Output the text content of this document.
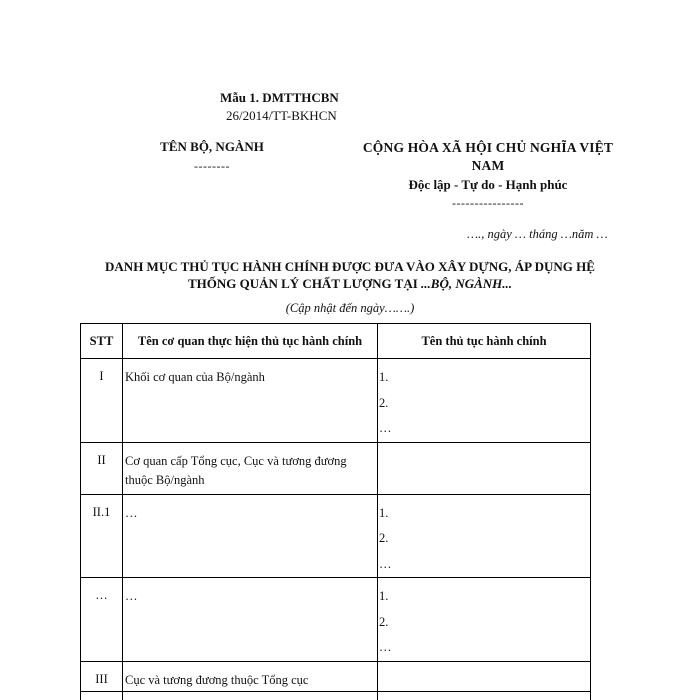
Mẫu 1. DMTTHCBN
26/2014/TT-BKHCN
TÊN BỘ, NGÀNH
--------
CỘNG HÒA XÃ HỘI CHỦ NGHĨA VIỆT NAM
Độc lập - Tự do - Hạnh phúc
----------------
…., ngày … tháng …năm …
DANH MỤC THỦ TỤC HÀNH CHÍNH ĐƯỢC ĐƯA VÀO XÂY DỰNG, ÁP DỤNG HỆ
THỐNG QUẢN LÝ CHẤT LƯỢNG TẠI ...BỘ, NGÀNH...
(Cập nhật đến ngày…….)
STT	Tên cơ quan thực hiện thủ tục hành chính	Tên thủ tục hành chính
I	Khối cơ quan của Bộ/ngành	1.
2.
…

II	Cơ quan cấp Tổng cục, Cục và tương đương thuộc Bộ/ngành	
II.1	…	1.
2.
…

…	…	1.
2.
…

III	Cục và tương đương thuộc Tổng cục	
